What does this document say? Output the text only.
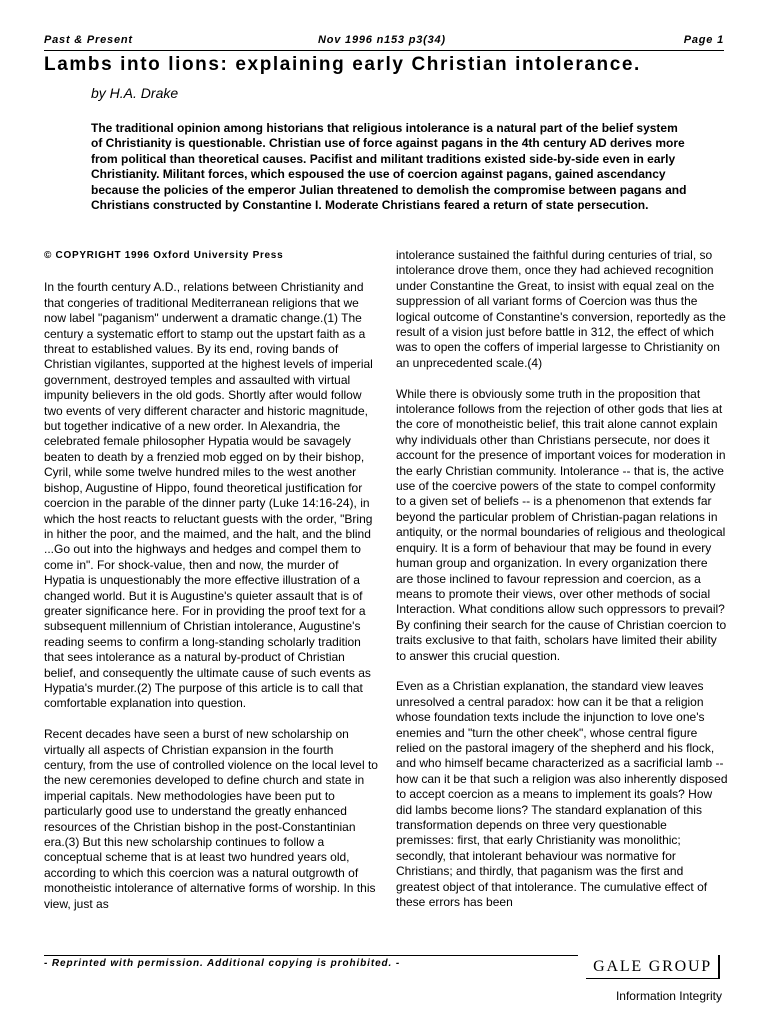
Past & Present	Nov 1996 n153 p3(34)	Page 1
Lambs into lions: explaining early Christian intolerance.
by H.A. Drake
The traditional opinion among historians that religious intolerance is a natural part of the belief system of Christianity is questionable. Christian use of force against pagans in the 4th century AD derives more from political than theoretical causes. Pacifist and militant traditions existed side-by-side even in early Christianity. Militant forces, which espoused the use of coercion against pagans, gained ascendancy because the policies of the emperor Julian threatened to demolish the compromise between pagans and Christians constructed by Constantine I. Moderate Christians feared a return of state persecution.
© COPYRIGHT 1996 Oxford University Press

In the fourth century A.D., relations between Christianity and that congeries of traditional Mediterranean religions that we now label "paganism" underwent a dramatic change.(1) The century a systematic effort to stamp out the upstart faith as a threat to established values. By its end, roving bands of Christian vigilantes, supported at the highest levels of imperial government, destroyed temples and assaulted with virtual impunity believers in the old gods. Shortly after would follow two events of very different character and historic magnitude, but together indicative of a new order. In Alexandria, the celebrated female philosopher Hypatia would be savagely beaten to death by a frenzied mob egged on by their bishop, Cyril, while some twelve hundred miles to the west another bishop, Augustine of Hippo, found theoretical justification for coercion in the parable of the dinner party (Luke 14:16-24), in which the host reacts to reluctant guests with the order, "Bring in hither the poor, and the maimed, and the halt, and the blind ...Go out into the highways and hedges and compel them to come in". For shock-value, then and now, the murder of Hypatia is unquestionably the more effective illustration of a changed world. But it is Augustine's quieter assault that is of greater significance here. For in providing the proof text for a subsequent millennium of Christian intolerance, Augustine's reading seems to confirm a long-standing scholarly tradition that sees intolerance as a natural by-product of Christian belief, and consequently the ultimate cause of such events as Hypatia's murder.(2) The purpose of this article is to call that comfortable explanation into question.

Recent decades have seen a burst of new scholarship on virtually all aspects of Christian expansion in the fourth century, from the use of controlled violence on the local level to the new ceremonies developed to define church and state in imperial capitals. New methodologies have been put to particularly good use to understand the greatly enhanced resources of the Christian bishop in the post-Constantinian era.(3) But this new scholarship continues to follow a conceptual scheme that is at least two hundred years old, according to which this coercion was a natural outgrowth of monotheistic intolerance of alternative forms of worship. In this view, just as

intolerance sustained the faithful during centuries of trial, so intolerance drove them, once they had achieved recognition under Constantine the Great, to insist with equal zeal on the suppression of all variant forms of Coercion was thus the logical outcome of Constantine's conversion, reportedly as the result of a vision just before battle in 312, the effect of which was to open the coffers of imperial largesse to Christianity on an unprecedented scale.(4)

While there is obviously some truth in the proposition that intolerance follows from the rejection of other gods that lies at the core of monotheistic belief, this trait alone cannot explain why individuals other than Christians persecute, nor does it account for the presence of important voices for moderation in the early Christian community. Intolerance -- that is, the active use of the coercive powers of the state to compel conformity to a given set of beliefs -- is a phenomenon that extends far beyond the particular problem of Christian-pagan relations in antiquity, or the normal boundaries of religious and theological enquiry. It is a form of behaviour that may be found in every human group and organization. In every organization there are those inclined to favour repression and coercion, as a means to promote their views, over other methods of social Interaction. What conditions allow such oppressors to prevail? By confining their search for the cause of Christian coercion to traits exclusive to that faith, scholars have limited their ability to answer this crucial question.

Even as a Christian explanation, the standard view leaves unresolved a central paradox: how can it be that a religion whose foundation texts include the injunction to love one's enemies and "turn the other cheek", whose central figure relied on the pastoral imagery of the shepherd and his flock, and who himself became characterized as a sacrificial lamb -- how can it be that such a religion was also inherently disposed to accept coercion as a means to implement its goals? How did lambs become lions? The standard explanation of this transformation depends on three very questionable premisses: first, that early Christianity was monolithic; secondly, that intolerant behaviour was normative for Christians; and thirdly, that paganism was the first and greatest object of that intolerance. The cumulative effect of these errors has been

- Reprinted with permission. Additional copying is prohibited. -	GALE GROUP
Information Integrity
